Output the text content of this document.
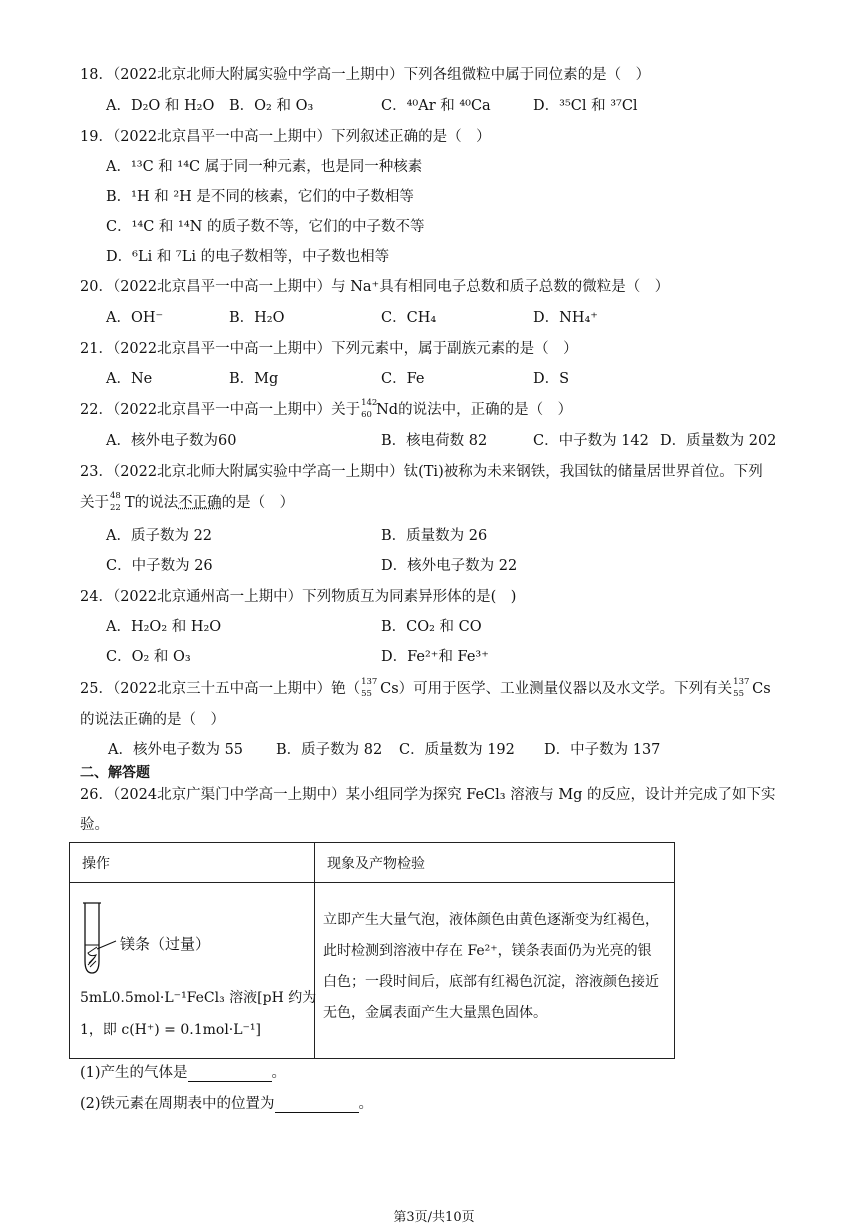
18．（2022北京北师大附属实验中学高一上期中）下列各组微粒中属于同位素的是（　）
A．D₂O 和 H₂O B．O₂ 和 O₃	C．⁴⁰Ar 和 ⁴⁰Ca	D．³⁵Cl 和 ³⁷Cl
19．（2022北京昌平一中高一上期中）下列叙述正确的是（　）
A．¹³C 和 ¹⁴C 属于同一种元素，也是同一种核素
B．¹H 和 ²H 是不同的核素，它们的中子数相等
C．¹⁴C 和 ¹⁴N 的质子数不等，它们的中子数不等
D．⁶Li 和 ⁷Li 的电子数相等，中子数也相等
20．（2022北京昌平一中高一上期中）与 Na⁺具有相同电子总数和质子总数的微粒是（　）
A．OH⁻	B．H₂O	C．CH₄	D．NH₄⁺
21．（2022北京昌平一中高一上期中）下列元素中，属于副族元素的是（　）
A．Ne	B．Mg	C．Fe	D．S
22．（2022北京昌平一中高一上期中）关于 142
60 Nd的说法中，正确的是（　）
A．核外电子数为60	B．核电荷数 82	C．中子数为 142 D．质量数为 202
23．（2022北京北师大附属实验中学高一上期中）钛(Ti)被称为未来钢铁，我国钛的储量居世界首位。下列
关于 48
22 T的说法不正确的是（　）
A．质子数为 22	B．质量数为 26
C．中子数为 26	D．核外电子数为 22
24．（2022北京通州高一上期中）下列物质互为同素异形体的是(　)
A．H₂O₂ 和 H₂O	B．CO₂ 和 CO
C．O₂ 和 O₃	D．Fe²⁺和 Fe³⁺
25．（2022北京三十五中高一上期中）铯（ 137
55 Cs）可用于医学、工业测量仪器以及水文学。下列有关 137
55 Cs
的说法正确的是（　）
A．核外电子数为 55 B．质子数为 82 C．质量数为 192 D．中子数为 137
二、解答题
26．（2024北京广渠门中学高一上期中）某小组同学为探究 FeCl₃ 溶液与 Mg 的反应，设计并完成了如下实
验。
操作	现象及产物检验

镁条（过量）
5mL0.5mol·L⁻¹FeCl₃ 溶液[pH 约为
1，即 c(H⁺) = 0.1mol·L⁻¹]	立即产生大量气泡，液体颜色由黄色逐渐变为红褐色，此时检测到溶液中存在 Fe²⁺，镁条表面仍为光亮的银白色；一段时间后，底部有红褐色沉淀，溶液颜色接近无色，金属表面产生大量黑色固体。
(1)产生的气体是	。
(2)铁元素在周期表中的位置为	。
第3页/共10页
